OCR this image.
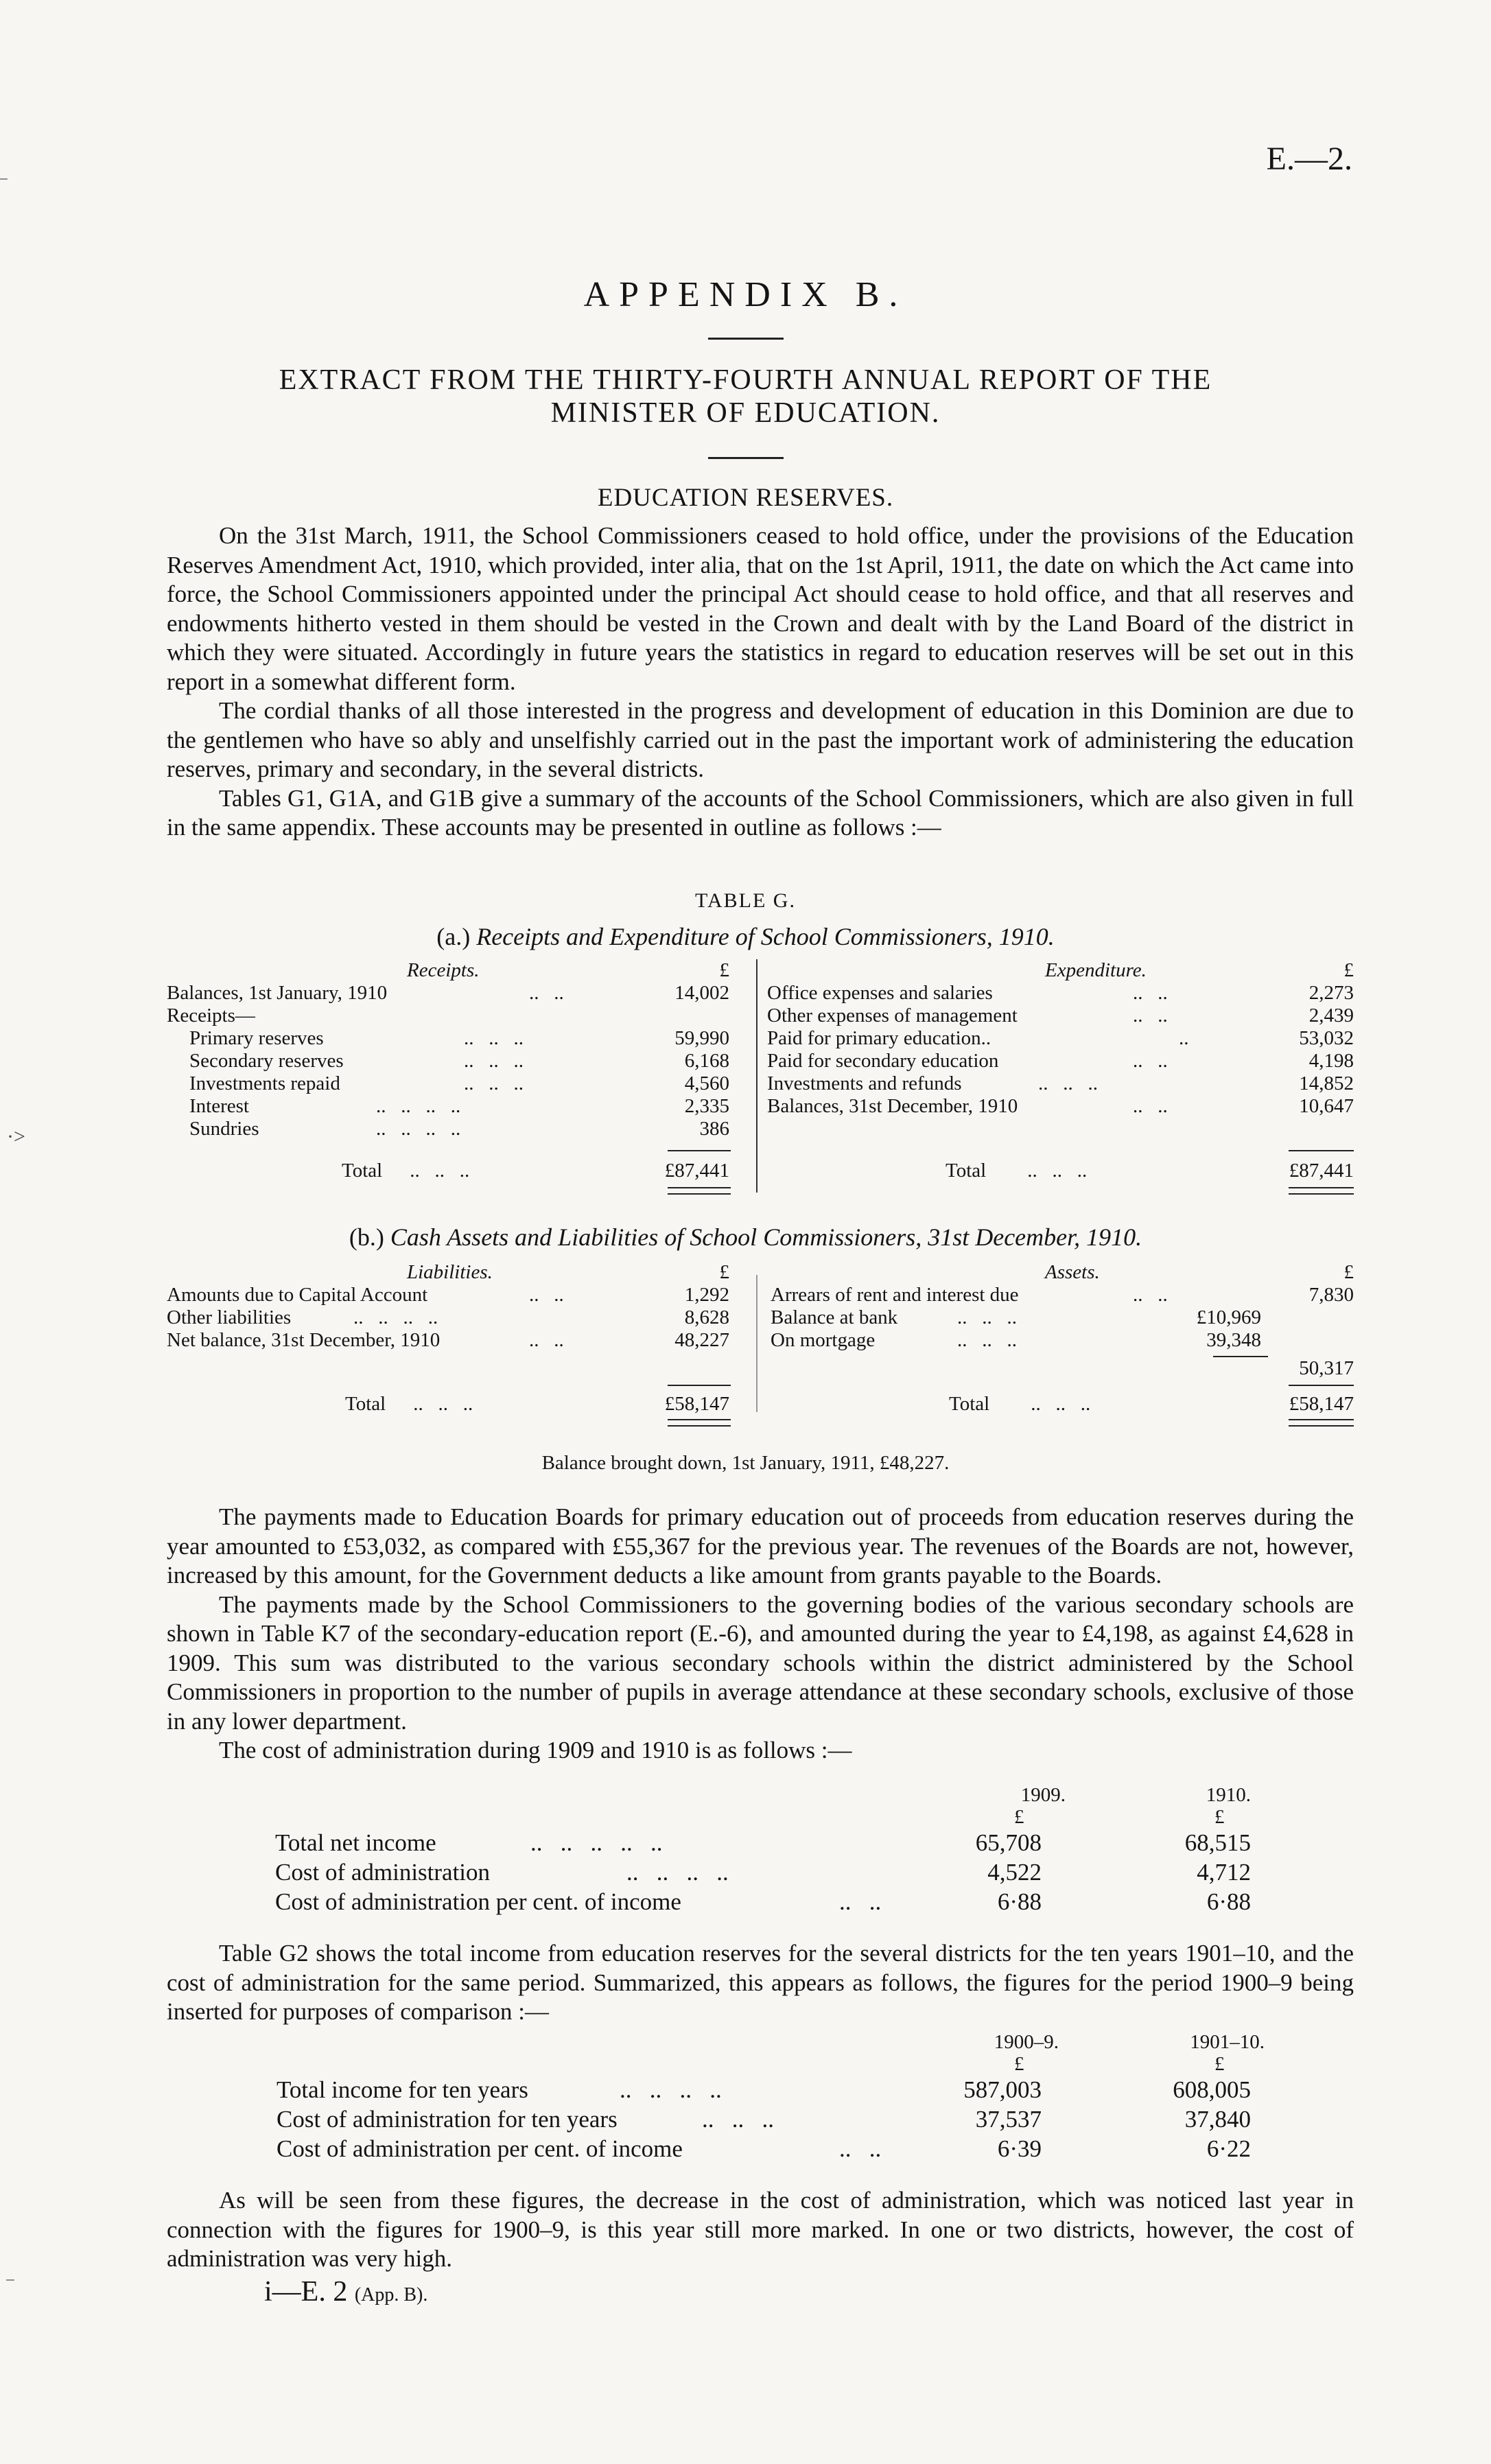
E.—2.
‾
·>
‾
APPENDIX B.
EXTRACT FROM THE THIRTY-FOURTH ANNUAL REPORT OF THE
MINISTER OF EDUCATION.
EDUCATION RESERVES.

On the 31st March, 1911, the School Commissioners ceased to hold office, under the provisions of the Education Reserves Amendment Act, 1910, which provided, inter alia, that on the 1st April, 1911, the date on which the Act came into force, the School Commissioners appointed under the principal Act should cease to hold office, and that all reserves and endowments hitherto vested in them should be vested in the Crown and dealt with by the Land Board of the district in which they were situated. Accordingly in future years the statistics in regard to education reserves will be set out in this report in a somewhat different form.

The cordial thanks of all those interested in the progress and development of education in this Dominion are due to the gentlemen who have so ably and unselfishly carried out in the past the important work of administering the education reserves, primary and secondary, in the several districts.

Tables G1, G1A, and G1B give a summary of the accounts of the School Commissioners, which are also given in full in the same appendix. These accounts may be presented in outline as follows :—

TABLE G.
(a.) Receipts and Expenditure of School Commissioners, 1910.
Receipts.	£	Expenditure.	£
Balances, 1st January, 1910	..   ..	14,002
Receipts—
Primary reserves	..   ..   ..	59,990
Secondary reserves	..   ..   ..	6,168
Investments repaid	..   ..   ..	4,560
Interest	..   ..   ..   ..	2,335
Sundries	..   ..   ..   ..	386
Office expenses and salaries	..   ..	2,273
Other expenses of management	..   ..	2,439
Paid for primary education..	..	53,032
Paid for secondary education	..   ..	4,198
Investments and refunds	..   ..   ..	14,852
Balances, 31st December, 1910	..   ..	10,647
Total ..   ..   ..	£87,441	Total ..   ..   ..	£87,441
(b.) Cash Assets and Liabilities of School Commissioners, 31st December, 1910.
Liabilities.	£	Assets.	£
Amounts due to Capital Account	..   ..	1,292
Other liabilities	..   ..   ..   ..	8,628
Net balance, 31st December, 1910	..   ..	48,227
Arrears of rent and interest due	..   ..	7,830
Balance at bank	..   ..   ..	£10,969
On mortgage	..   ..   ..	39,348
50,317
Total ..   ..   ..	£58,147	Total ..   ..   ..	£58,147
Balance brought down, 1st January, 1911, £48,227.

The payments made to Education Boards for primary education out of proceeds from education reserves during the year amounted to £53,032, as compared with £55,367 for the previous year. The revenues of the Boards are not, however, increased by this amount, for the Government deducts a like amount from grants payable to the Boards.

The payments made by the School Commissioners to the governing bodies of the various secondary schools are shown in Table K7 of the secondary-education report (E.-6), and amounted during the year to £4,198, as against £4,628 in 1909. This sum was distributed to the various secondary schools within the district administered by the School Commissioners in proportion to the number of pupils in average attendance at these secondary schools, exclusive of those in any lower department.

The cost of administration during 1909 and 1910 is as follows :—

1909.	1910.
£	£
Total net income	..   ..   ..   ..   ..	65,708	68,515
Cost of administration	..   ..   ..   ..	4,522	4,712
Cost of administration per cent. of income	..   ..	6·88	6·88

Table G2 shows the total income from education reserves for the several districts for the ten years 1901–10, and the cost of administration for the same period. Summarized, this appears as follows, the figures for the period 1900–9 being inserted for purposes of comparison :—

1900–9.	1901–10.
£	£
Total income for ten years	..   ..   ..   ..	587,003	608,005
Cost of administration for ten years	..   ..   ..	37,537	37,840
Cost of administration per cent. of income	..   ..	6·39	6·22

As will be seen from these figures, the decrease in the cost of administration, which was noticed last year in connection with the figures for 1900–9, is this year still more marked. In one or two districts, however, the cost of administration was very high.

i—E. 2 (App. B).
